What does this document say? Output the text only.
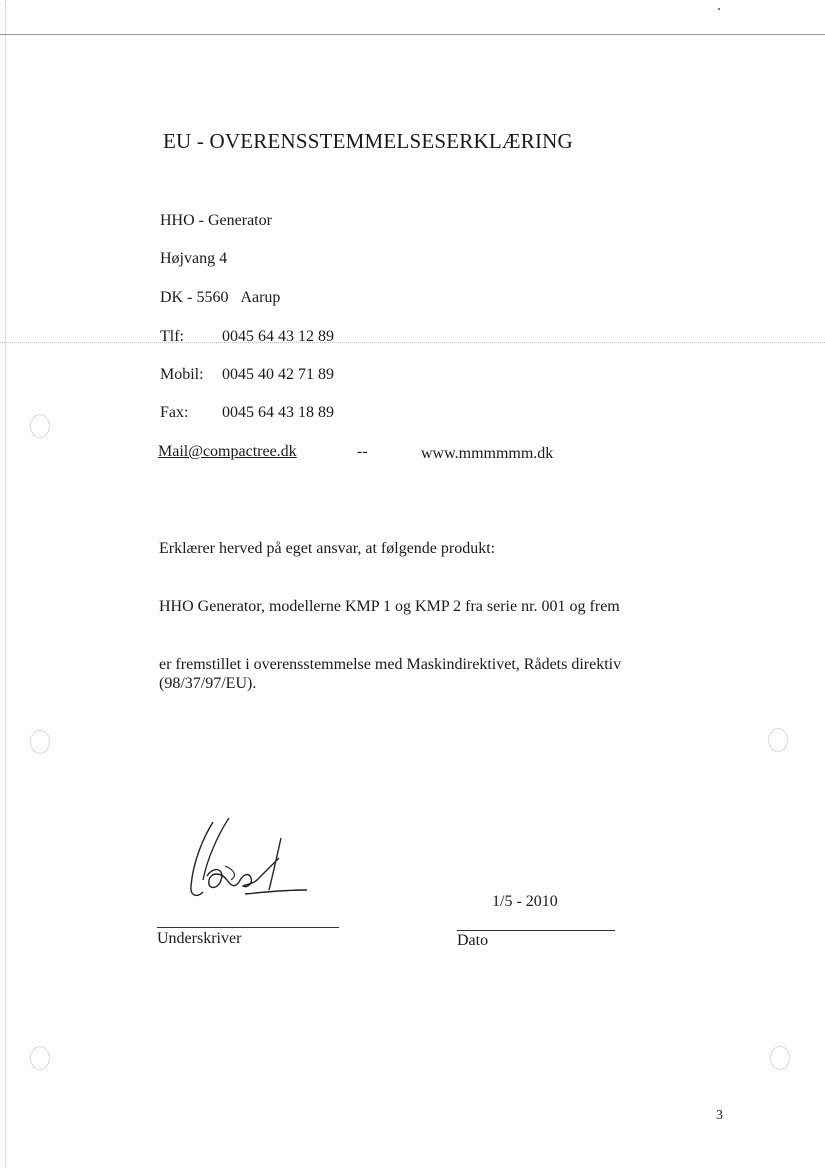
EU - OVERENSSTEMMELSESERKLÆRING
HHO - Generator
Højvang 4
DK - 5560 Aarup
Tlf: 0045 64 43 12 89
Mobil: 0045 40 42 71 89
Fax: 0045 64 43 18 89
Mail@compactree.dk	--	www.mmmmmm.dk
Erklærer herved på eget ansvar, at følgende produkt:
HHO Generator, modellerne KMP 1 og KMP 2 fra serie nr. 001 og frem
er fremstillet i overensstemmelse med Maskindirektivet, Rådets direktiv
(98/37/97/EU).
Underskriver
1/5 - 2010
Dato
3
